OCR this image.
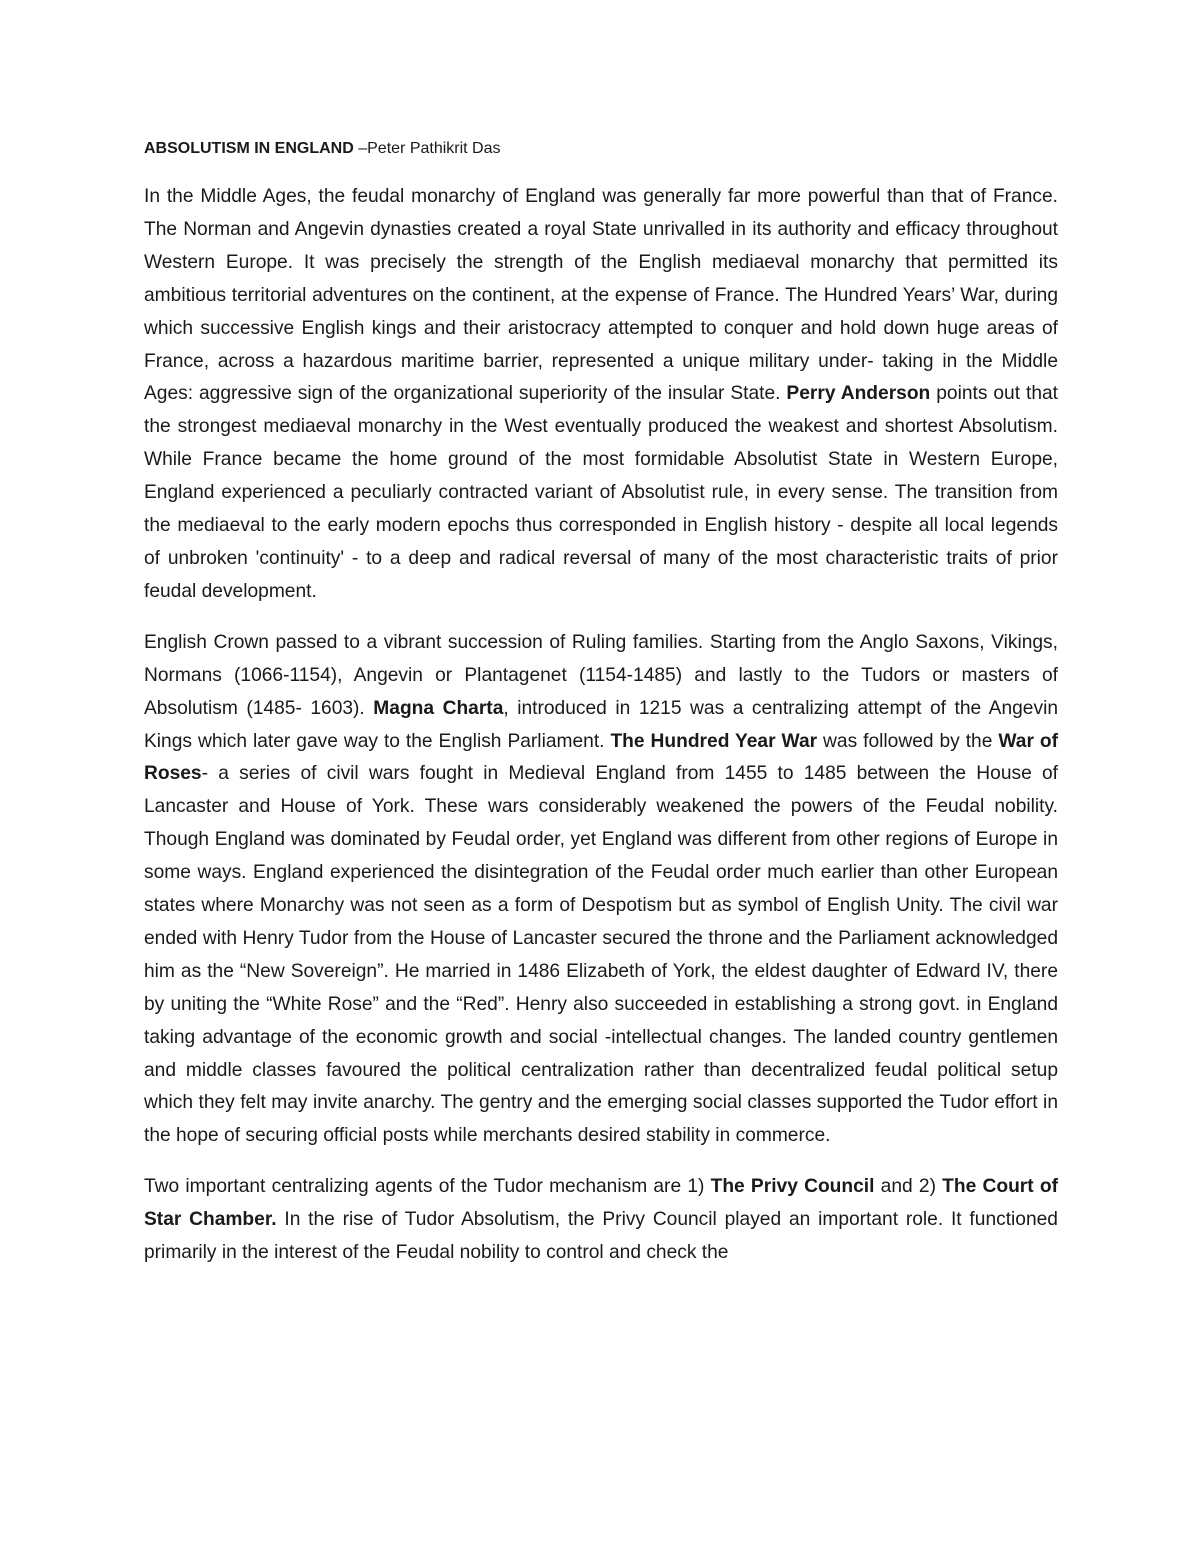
ABSOLUTISM IN ENGLAND –Peter Pathikrit Das

In the Middle Ages, the feudal monarchy of England was generally far more powerful than that of France. The Norman and Angevin dynasties created a royal State unrivalled in its authority and efficacy throughout Western Europe. It was precisely the strength of the English mediaeval monarchy that permitted its ambitious territorial adventures on the continent, at the expense of France. The Hundred Years’ War, during which successive English kings and their aristocracy attempted to conquer and hold down huge areas of France, across a hazardous maritime barrier, represented a unique military under- taking in the Middle Ages: aggressive sign of the organizational superiority of the insular State. Perry Anderson points out that the strongest mediaeval monarchy in the West eventually produced the weakest and shortest Absolutism. While France became the home ground of the most formidable Absolutist State in Western Europe, England experienced a peculiarly contracted variant of Absolutist rule, in every sense. The transition from the mediaeval to the early modern epochs thus corresponded in English history - despite all local legends of unbroken 'continuity' - to a deep and radical reversal of many of the most characteristic traits of prior feudal development.

English Crown passed to a vibrant succession of Ruling families. Starting from the Anglo Saxons, Vikings, Normans (1066-1154), Angevin or Plantagenet (1154-1485) and lastly to the Tudors or masters of Absolutism (1485- 1603). Magna Charta, introduced in 1215 was a centralizing attempt of the Angevin Kings which later gave way to the English Parliament. The Hundred Year War was followed by the War of Roses- a series of civil wars fought in Medieval England from 1455 to 1485 between the House of Lancaster and House of York. These wars considerably weakened the powers of the Feudal nobility. Though England was dominated by Feudal order, yet England was different from other regions of Europe in some ways. England experienced the disintegration of the Feudal order much earlier than other European states where Monarchy was not seen as a form of Despotism but as symbol of English Unity. The civil war ended with Henry Tudor from the House of Lancaster secured the throne and the Parliament acknowledged him as the “New Sovereign”. He married in 1486 Elizabeth of York, the eldest daughter of Edward IV, there by uniting the “White Rose” and the “Red”. Henry also succeeded in establishing a strong govt. in England taking advantage of the economic growth and social -intellectual changes. The landed country gentlemen and middle classes favoured the political centralization rather than decentralized feudal political setup which they felt may invite anarchy. The gentry and the emerging social classes supported the Tudor effort in the hope of securing official posts while merchants desired stability in commerce.

Two important centralizing agents of the Tudor mechanism are 1) The Privy Council and 2) The Court of Star Chamber. In the rise of Tudor Absolutism, the Privy Council played an important role. It functioned primarily in the interest of the Feudal nobility to control and check the
